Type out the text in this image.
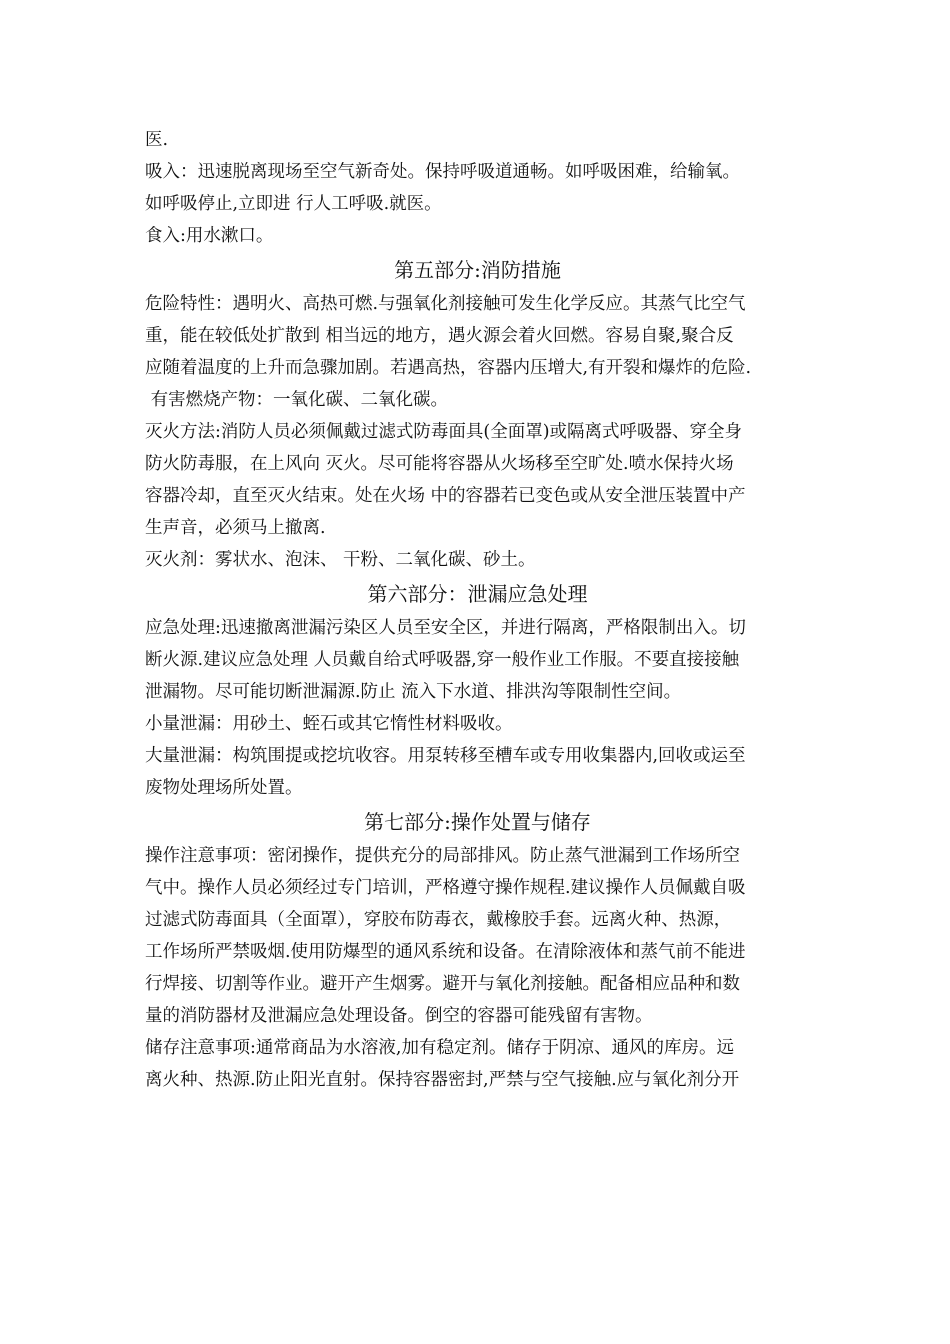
医.
吸入：迅速脱离现场至空气新奇处。保持呼吸道通畅。如呼吸困难，给输氧。
如呼吸停止,立即进 行人工呼吸.就医。
食入:用水漱口。
第五部分:消防措施
危险特性：遇明火、高热可燃.与强氧化剂接触可发生化学反应。其蒸气比空气
重，能在较低处扩散到 相当远的地方，遇火源会着火回燃。容易自聚,聚合反
应随着温度的上升而急骤加剧。若遇高热，容器内压增大,有开裂和爆炸的危险.
有害燃烧产物：一氧化碳、二氧化碳。
灭火方法:消防人员必须佩戴过滤式防毒面具(全面罩)或隔离式呼吸器、穿全身
防火防毒服，在上风向 灭火。尽可能将容器从火场移至空旷处.喷水保持火场
容器冷却，直至灭火结束。处在火场 中的容器若已变色或从安全泄压装置中产
生声音，必须马上撤离.
灭火剂：雾状水、泡沫、 干粉、二氧化碳、砂土。
第六部分：泄漏应急处理
应急处理:迅速撤离泄漏污染区人员至安全区，并进行隔离，严格限制出入。切
断火源.建议应急处理 人员戴自给式呼吸器,穿一般作业工作服。不要直接接触
泄漏物。尽可能切断泄漏源.防止 流入下水道、排洪沟等限制性空间。
小量泄漏：用砂土、蛭石或其它惰性材料吸收。
大量泄漏：构筑围提或挖坑收容。用泵转移至槽车或专用收集器内,回收或运至
废物处理场所处置。
第七部分:操作处置与储存
操作注意事项：密闭操作，提供充分的局部排风。防止蒸气泄漏到工作场所空
气中。操作人员必须经过专门培训，严格遵守操作规程.建议操作人员佩戴自吸
过滤式防毒面具（全面罩），穿胶布防毒衣，戴橡胶手套。远离火种、热源，
工作场所严禁吸烟.使用防爆型的通风系统和设备。在清除液体和蒸气前不能进
行焊接、切割等作业。避开产生烟雾。避开与氧化剂接触。配备相应品种和数
量的消防器材及泄漏应急处理设备。倒空的容器可能残留有害物。
储存注意事项:通常商品为水溶液,加有稳定剂。储存于阴凉、通风的库房。远
离火种、热源.防止阳光直射。保持容器密封,严禁与空气接触.应与氧化剂分开
